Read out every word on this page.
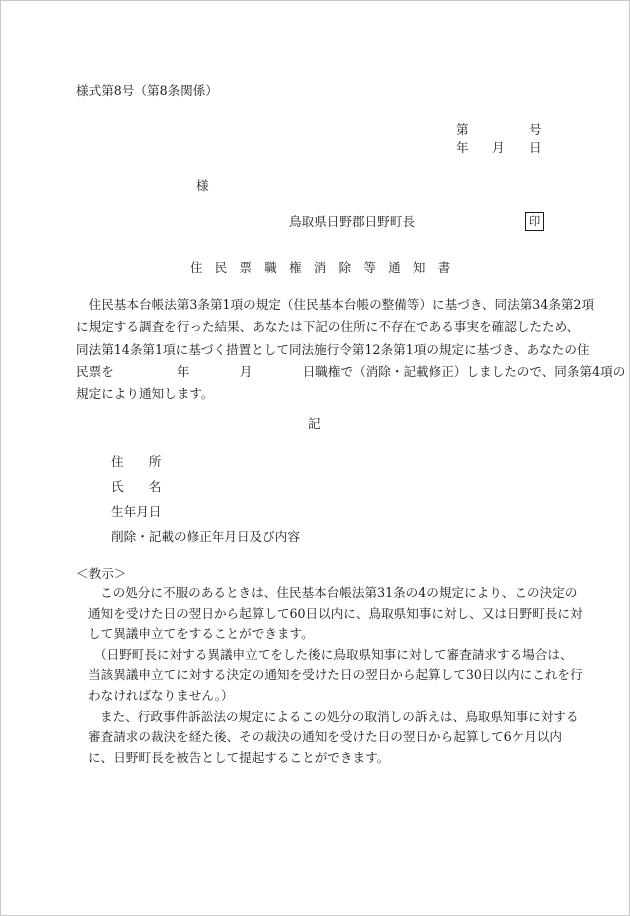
様式第8号（第8条関係）
第	号
年 月 日
様
鳥取県日野郡日野町長	印
住　民　票　職　権　消　除　等　通　知　書
　住民基本台帳法第3条第1項の規定（住民基本台帳の整備等）に基づき、同法第34条第2項
に規定する調査を行った結果、あなたは下記の住所に不存在である事実を確認したため、
同法第14条第1項に基づく措置として同法施行令第12条第1項の規定に基づき、あなたの住
民票を　　　　　年　　　　月　　　　日職権で（消除・記載修正）しましたので、同条第4項の
規定により通知します。
記
住　　所
氏　　名
生年月日
削除・記載の修正年月日及び内容
＜教示＞
この処分に不服のあるときは、住民基本台帳法第31条の4の規定により、この決定の
通知を受けた日の翌日から起算して60日以内に、鳥取県知事に対し、又は日野町長に対
して異議申立てをすることができます。
（日野町長に対する異議申立てをした後に鳥取県知事に対して審査請求する場合は、
当該異議申立てに対する決定の通知を受けた日の翌日から起算して30日以内にこれを行
わなければなりません。）
また、行政事件訴訟法の規定によるこの処分の取消しの訴えは、鳥取県知事に対する
審査請求の裁決を経た後、その裁決の通知を受けた日の翌日から起算して6ケ月以内
に、日野町長を被告として提起することができます。
